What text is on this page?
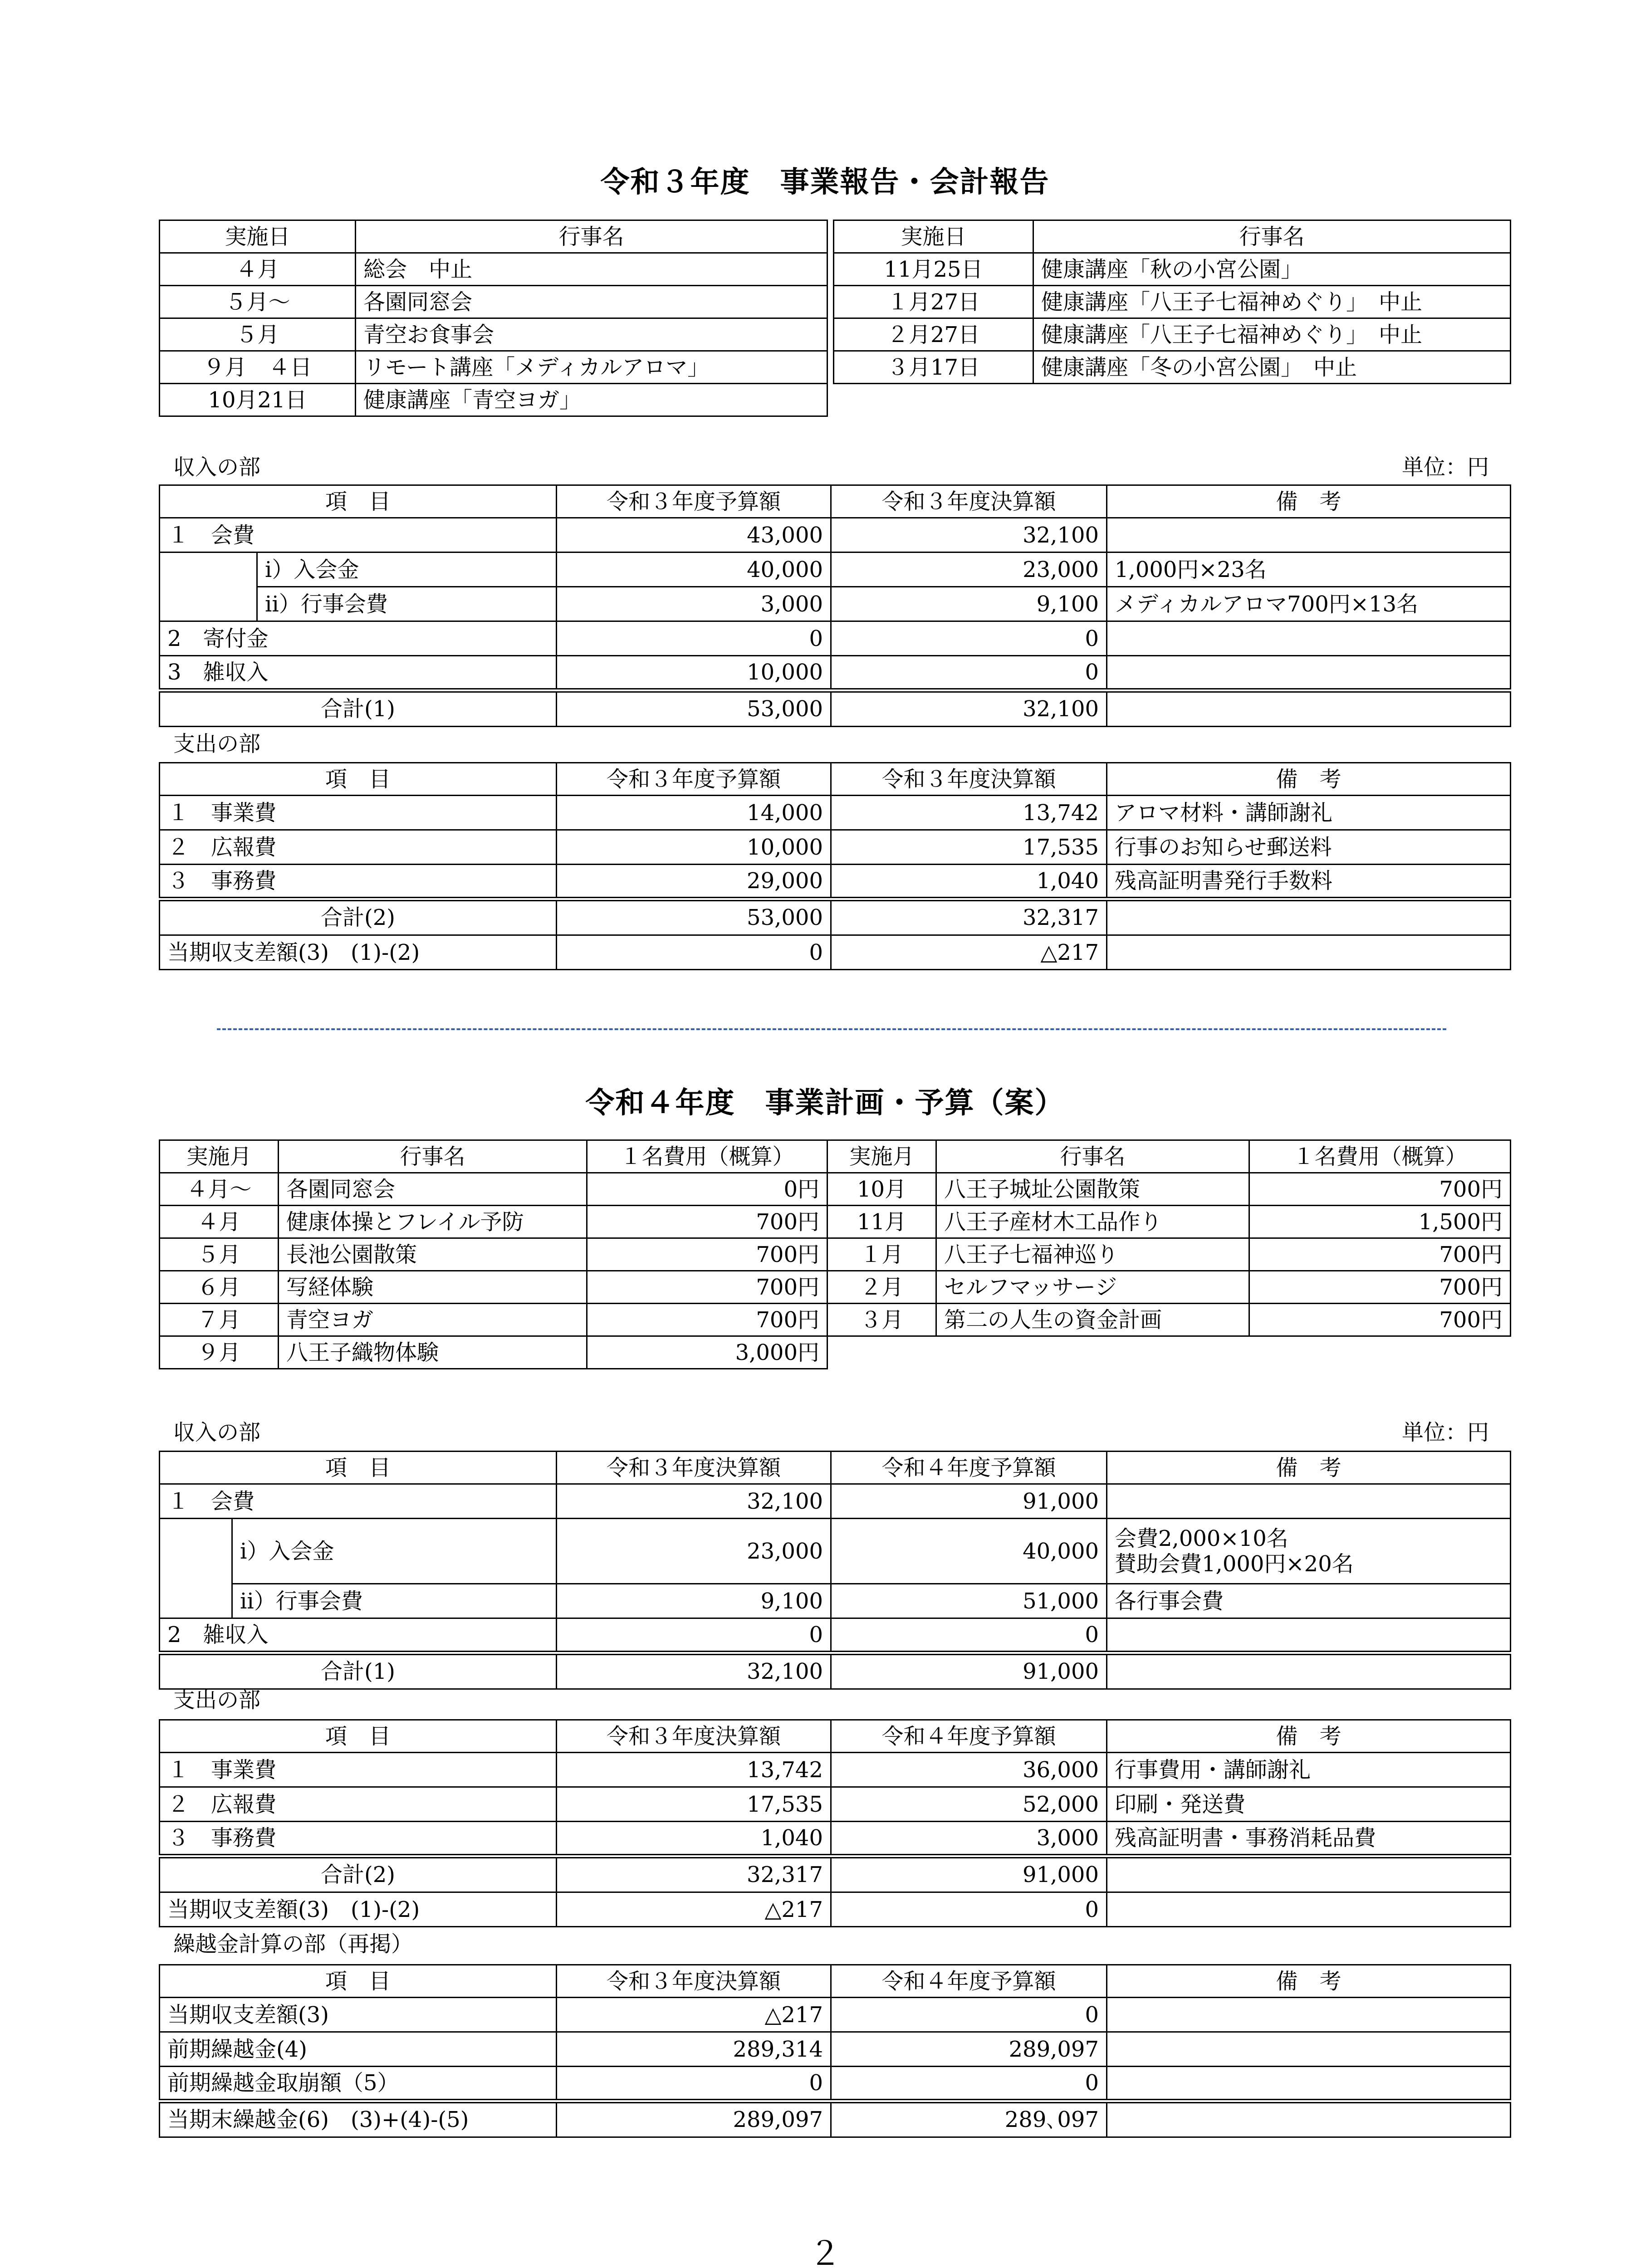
令和３年度　事業報告・会計報告
実施日	行事名
４月	総会　中止
５月～	各園同窓会
５月	青空お食事会
９月　４日	リモート講座「メディカルアロマ」
10月21日	健康講座「青空ヨガ」
実施日	行事名
11月25日	健康講座「秋の小宮公園」
１月27日	健康講座「八王子七福神めぐり」　中止
２月27日	健康講座「八王子七福神めぐり」　中止
３月17日	健康講座「冬の小宮公園」　中止
収入の部	単位：円
項　目		令和３年度予算額	令和３年度決算額	備　考
１　会費		43,000	32,100	
	ⅰ）入会金	40,000	23,000	1,000円×23名
	ⅱ）行事会費	3,000	9,100	メディカルアロマ700円×13名
2　寄付金		0	0	
3　雑収入		10,000	0	
合計(1)		53,000	32,100	
支出の部
項　目	令和３年度予算額	令和３年度決算額	備　考
１　事業費	14,000	13,742	アロマ材料・講師謝礼
２　広報費	10,000	17,535	行事のお知らせ郵送料
３　事務費	29,000	1,040	残高証明書発行手数料
合計(2)	53,000	32,317	
当期収支差額(3)　(1)-(2)	0	△217	
令和４年度　事業計画・予算（案）
実施月	行事名	１名費用（概算）
４月～	各園同窓会	0円
４月	健康体操とフレイル予防	700円
５月	長池公園散策	700円
６月	写経体験	700円
７月	青空ヨガ	700円
９月	八王子織物体験	3,000円
実施月	行事名	１名費用（概算）
10月	八王子城址公園散策	700円
11月	八王子産材木工品作り	1,500円
１月	八王子七福神巡り	700円
２月	セルフマッサージ	700円
３月	第二の人生の資金計画	700円
収入の部	単位：円
項　目		令和３年度決算額	令和４年度予算額	備　考
１　会費		32,100	91,000	
	ⅰ）入会金	23,000	40,000	会費2,000×10名
賛助会費1,000円×20名

	ⅱ）行事会費	9,100	51,000	各行事会費
2　雑収入		0	0	
合計(1)		32,100	91,000	
支出の部
項　目	令和３年度決算額	令和４年度予算額	備　考
１　事業費	13,742	36,000	行事費用・講師謝礼
２　広報費	17,535	52,000	印刷・発送費
３　事務費	1,040	3,000	残高証明書・事務消耗品費
合計(2)	32,317	91,000	
当期収支差額(3)　(1)-(2)	△217	0	
繰越金計算の部（再掲）
項　目	令和３年度決算額	令和４年度予算額	備　考
当期収支差額(3)	△217	0	
前期繰越金(4)	289,314	289,097	
前期繰越金取崩額（5）	0	0	
当期末繰越金(6)　(3)+(4)-(5)	289,097	289､097	
２
